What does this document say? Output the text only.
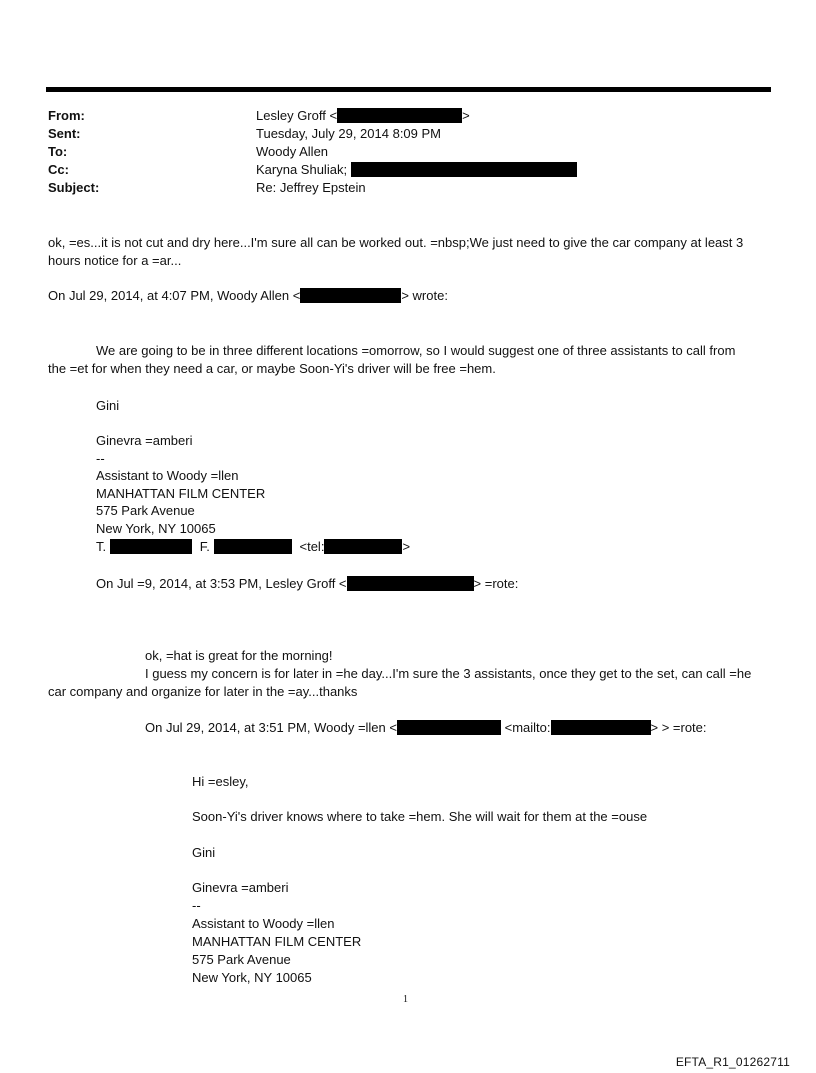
From:	Lesley Groff <	>
Sent:	Tuesday, July 29, 2014 8:09 PM
To:	Woody Allen
Cc:	Karyna Shuliak;
Subject:	Re: Jeffrey Epstein
ok, =es...it is not cut and dry here...I'm sure all can be worked out. =nbsp;We just need to give the car company at least 3
hours notice for a =ar...
On Jul 29, 2014, at 4:07 PM, Woody Allen <	> wrote:
We are going to be in three different locations =omorrow, so I would suggest one of three assistants to call from
the =et for when they need a car, or maybe Soon-Yi's driver will be free =hem.
Gini
Ginevra =amberi
--
Assistant to Woody =llen
MANHATTAN FILM CENTER
575 Park Avenue
New York, NY 10065
T.	F.	<tel:	>
On Jul =9, 2014, at 3:53 PM, Lesley Groff <	> =rote:
ok, =hat is great for the morning!
I guess my concern is for later in =he day...I'm sure the 3 assistants, once they get to the set, can call =he
car company and organize for later in the =ay...thanks
On Jul 29, 2014, at 3:51 PM, Woody =llen <	<mailto:	> > =rote:
Hi =esley,
Soon-Yi's driver knows where to take =hem. She will wait for them at the =ouse
Gini
Ginevra =amberi
--
Assistant to Woody =llen
MANHATTAN FILM CENTER
575 Park Avenue
New York, NY 10065
1
EFTA_R1_01262711
